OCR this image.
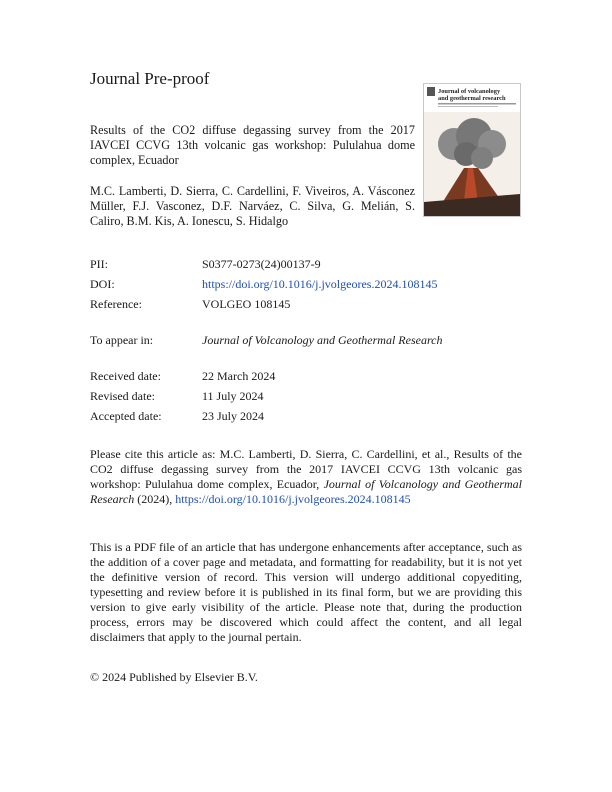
Journal Pre-proof
Results of the CO2 diffuse degassing survey from the 2017 IAVCEI CCVG 13th volcanic gas workshop: Pululahua dome complex, Ecuador
M.C. Lamberti, D. Sierra, C. Cardellini, F. Viveiros, A. Vásconez Müller, F.J. Vasconez, D.F. Narváez, C. Silva, G. Melián, S. Caliro, B.M. Kis, A. Ionescu, S. Hidalgo
Journal of volcanology
and geothermal research
PII:	S0377-0273(24)00137-9
DOI:	https://doi.org/10.1016/j.jvolgeores.2024.108145
Reference:	VOLGEO 108145
To appear in:	Journal of Volcanology and Geothermal Research
Received date:	22 March 2024
Revised date:	11 July 2024
Accepted date:	23 July 2024
Please cite this article as: M.C. Lamberti, D. Sierra, C. Cardellini, et al., Results of the CO2 diffuse degassing survey from the 2017 IAVCEI CCVG 13th volcanic gas workshop: Pululahua dome complex, Ecuador, Journal of Volcanology and Geothermal Research (2024), https://doi.org/10.1016/j.jvolgeores.2024.108145
This is a PDF file of an article that has undergone enhancements after acceptance, such as the addition of a cover page and metadata, and formatting for readability, but it is not yet the definitive version of record. This version will undergo additional copyediting, typesetting and review before it is published in its final form, but we are providing this version to give early visibility of the article. Please note that, during the production process, errors may be discovered which could affect the content, and all legal disclaimers that apply to the journal pertain.
© 2024 Published by Elsevier B.V.
